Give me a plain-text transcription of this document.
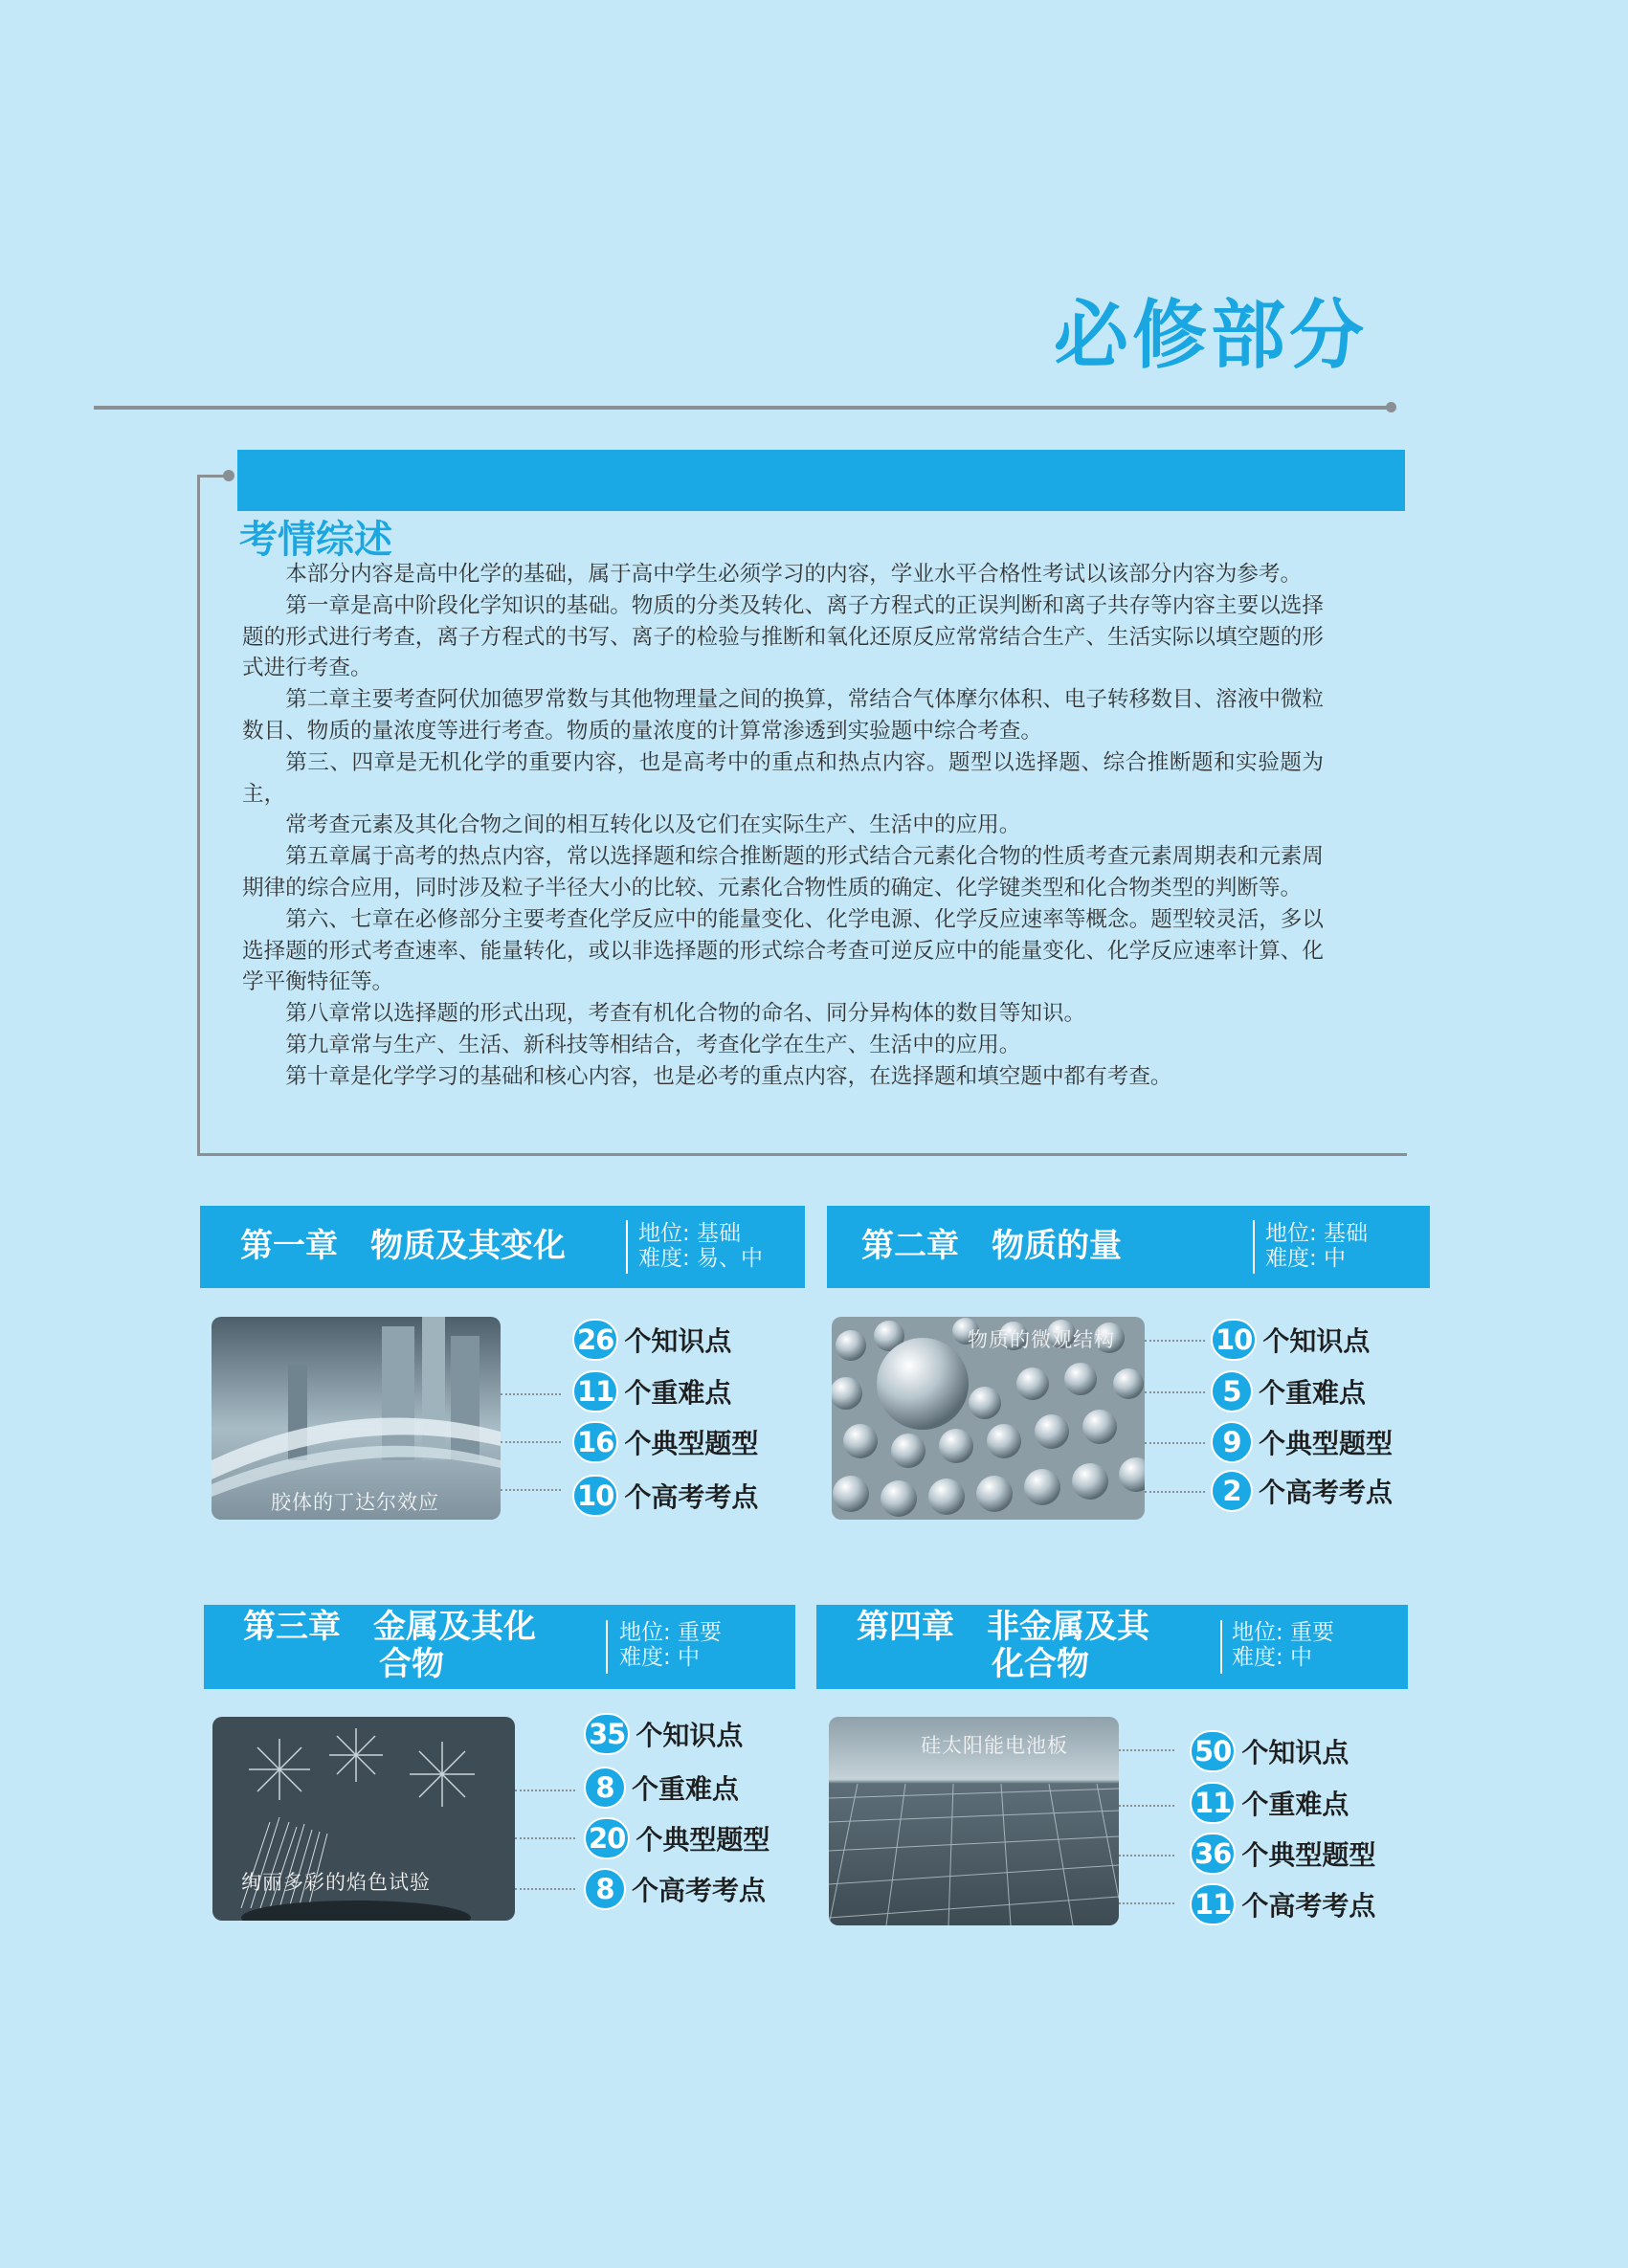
必修部分
考情综述

本部分内容是高中化学的基础，属于高中学生必须学习的内容，学业水平合格性考试以该部分内容为参考。

第一章是高中阶段化学知识的基础。物质的分类及转化、离子方程式的正误判断和离子共存等内容主要以选择题的形式进行考查，离子方程式的书写、离子的检验与推断和氧化还原反应常常结合生产、生活实际以填空题的形式进行考查。

第二章主要考查阿伏加德罗常数与其他物理量之间的换算，常结合气体摩尔体积、电子转移数目、溶液中微粒数目、物质的量浓度等进行考查。物质的量浓度的计算常渗透到实验题中综合考查。

第三、四章是无机化学的重要内容，也是高考中的重点和热点内容。题型以选择题、综合推断题和实验题为主，

常考查元素及其化合物之间的相互转化以及它们在实际生产、生活中的应用。

第五章属于高考的热点内容，常以选择题和综合推断题的形式结合元素化合物的性质考查元素周期表和元素周期律的综合应用，同时涉及粒子半径大小的比较、元素化合物性质的确定、化学键类型和化合物类型的判断等。

第六、七章在必修部分主要考查化学反应中的能量变化、化学电源、化学反应速率等概念。题型较灵活，多以选择题的形式考查速率、能量转化，或以非选择题的形式综合考查可逆反应中的能量变化、化学反应速率计算、化学平衡特征等。

第八章常以选择题的形式出现，考查有机化合物的命名、同分异构体的数目等知识。

第九章常与生产、生活、新科技等相结合，考查化学在生产、生活中的应用。

第十章是化学学习的基础和核心内容，也是必考的重点内容，在选择题和填空题中都有考查。

第一章　物质及其变化	地位: 基础
难度: 易、中
胶体的丁达尔效应
26 个知识点
11 个重难点
16 个典型题型
10 个高考考点
第二章　物质的量	地位: 基础
难度: 中
物质的微观结构	10 个知识点
5 个重难点
9 个典型题型
2 个高考考点
第三章　金属及其化
合物
地位: 重要
难度: 中
绚丽多彩的焰色试验
35 个知识点
8 个重难点
20 个典型题型
8 个高考考点
第四章　非金属及其
化合物
地位: 重要
难度: 中
硅太阳能电池板	50 个知识点
11 个重难点
36 个典型题型
11 个高考考点
